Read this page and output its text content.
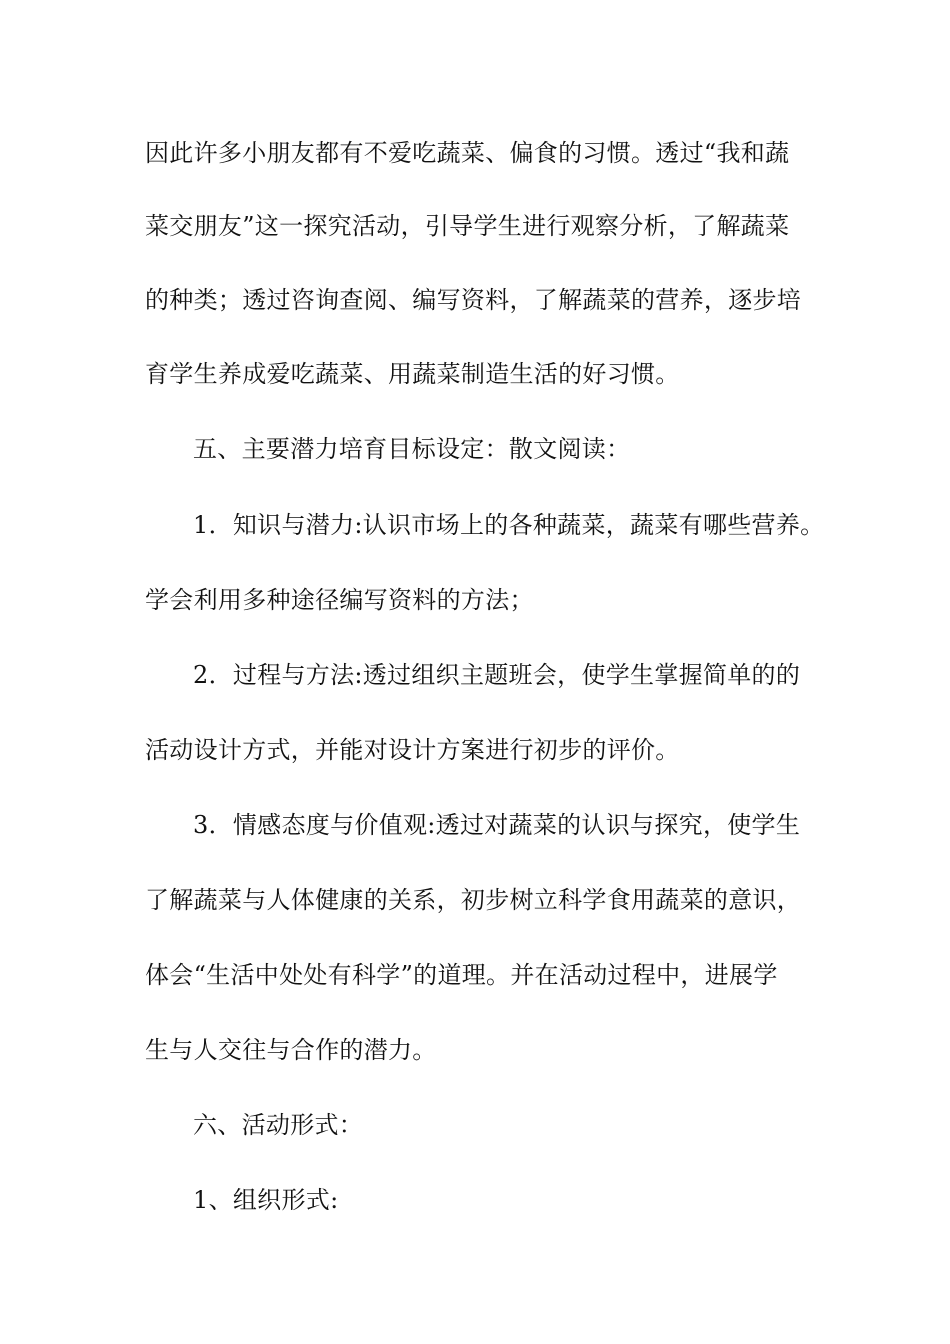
因此许多小朋友都有不爱吃蔬菜、偏食的习惯。透过“我和蔬
菜交朋友”这一探究活动，引导学生进行观察分析，了解蔬菜
的种类；透过咨询查阅、编写资料，了解蔬菜的营养，逐步培
育学生养成爱吃蔬菜、用蔬菜制造生活的好习惯。
五、主要潜力培育目标设定：散文阅读：
1．知识与潜力:认识市场上的各种蔬菜，蔬菜有哪些营养。
学会利用多种途径编写资料的方法；
2．过程与方法:透过组织主题班会，使学生掌握简单的的
活动设计方式，并能对设计方案进行初步的评价。
3．情感态度与价值观:透过对蔬菜的认识与探究，使学生
了解蔬菜与人体健康的关系，初步树立科学食用蔬菜的意识，
体会“生活中处处有科学”的道理。并在活动过程中，进展学
生与人交往与合作的潜力。
六、活动形式：
1、组织形式:
